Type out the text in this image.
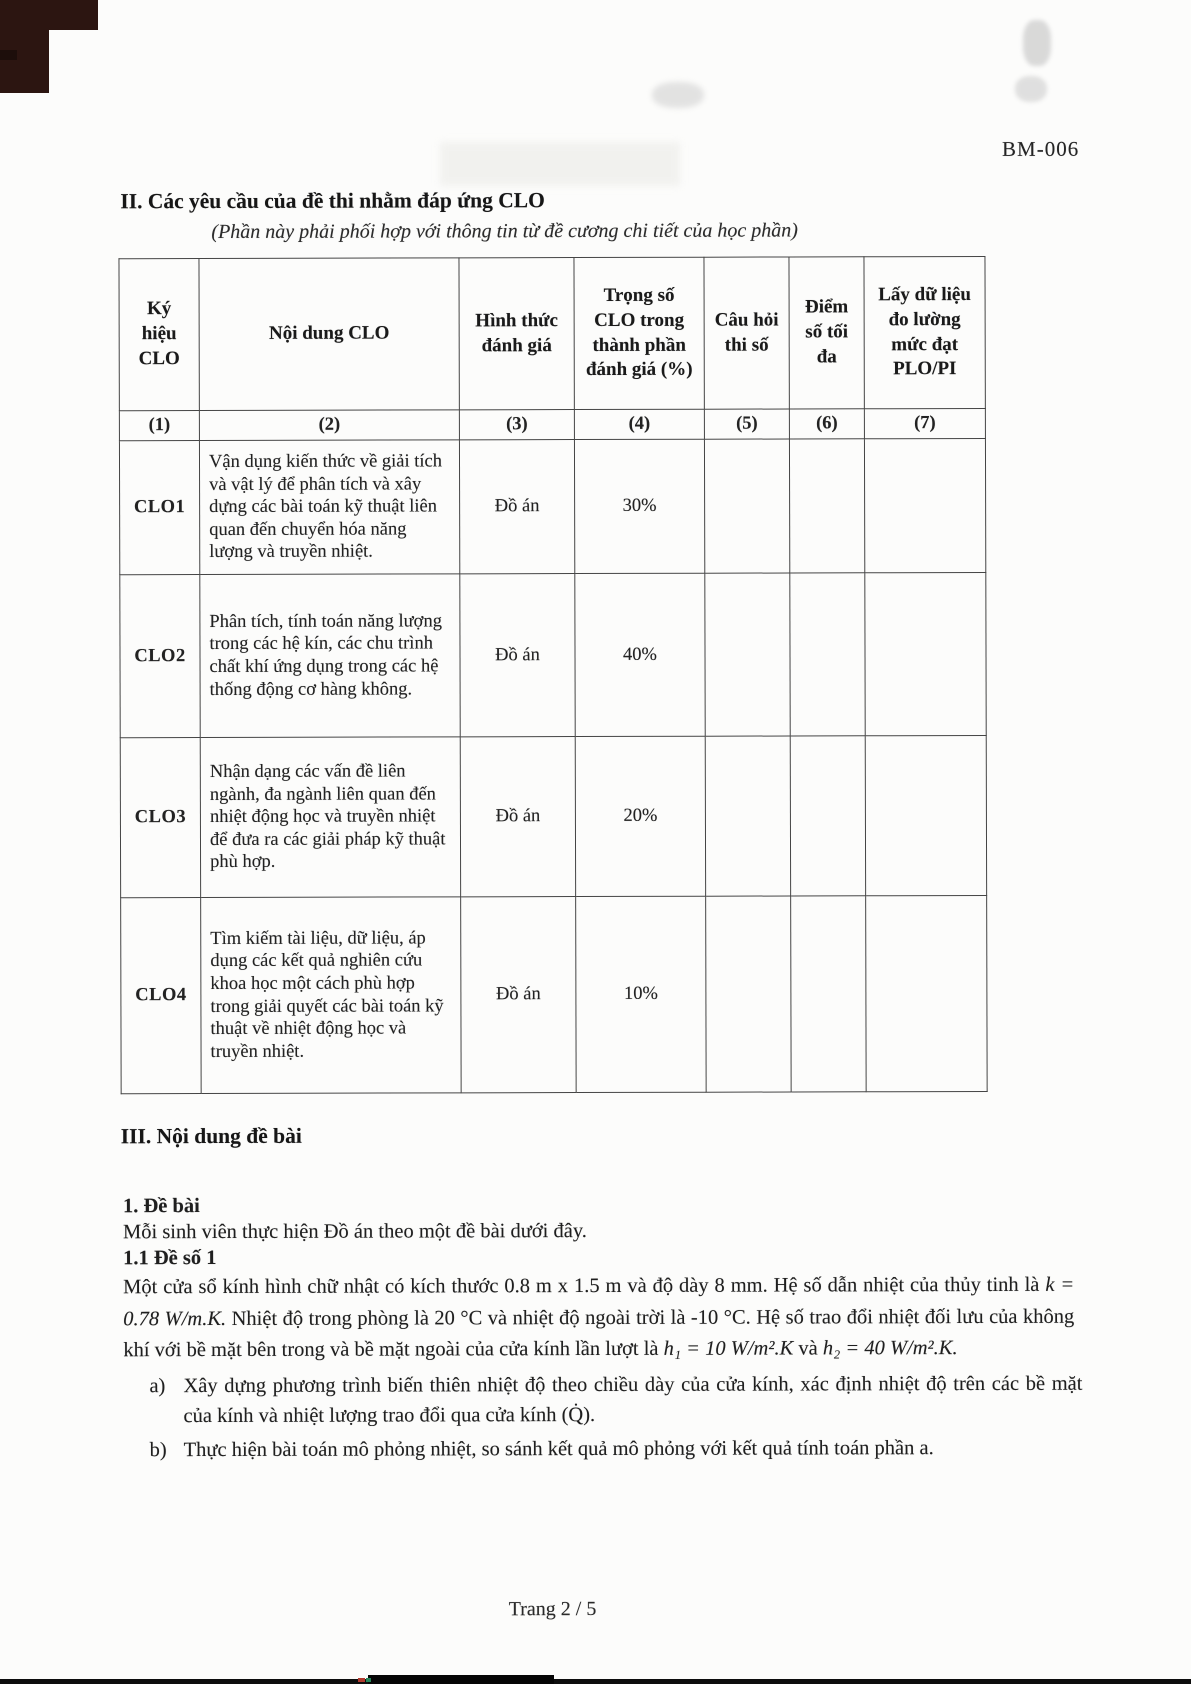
BM-006
II. Các yêu cầu của đề thi nhằm đáp ứng CLO
(Phần này phải phối hợp với thông tin từ đề cương chi tiết của học phần)
Ký hiệu CLO	Nội dung CLO	Hình thức đánh giá	Trọng số CLO trong thành phần đánh giá (%)	Câu hỏi thi số	Điểm số tối đa	Lấy dữ liệu đo lường mức đạt PLO/PI
(1)	(2)	(3)	(4)	(5)	(6)	(7)
CLO1	Vận dụng kiến thức về giải tích và vật lý để phân tích và xây dựng các bài toán kỹ thuật liên quan đến chuyển hóa năng lượng và truyền nhiệt.	Đồ án	30%			
CLO2	Phân tích, tính toán năng lượng trong các hệ kín, các chu trình chất khí ứng dụng trong các hệ thống động cơ hàng không.	Đồ án	40%			
CLO3	Nhận dạng các vấn đề liên ngành, đa ngành liên quan đến nhiệt động học và truyền nhiệt để đưa ra các giải pháp kỹ thuật phù hợp.	Đồ án	20%			
CLO4	Tìm kiếm tài liệu, dữ liệu, áp dụng các kết quả nghiên cứu khoa học một cách phù hợp trong giải quyết các bài toán kỹ thuật về nhiệt động học và truyền nhiệt.	Đồ án	10%			
III. Nội dung đề bài
1. Đề bài
Mỗi sinh viên thực hiện Đồ án theo một đề bài dưới đây.
1.1 Đề số 1
Một cửa sổ kính hình chữ nhật có kích thước 0.8 m x 1.5 m và độ dày 8 mm. Hệ số dẫn nhiệt của thủy tinh là k = 0.78 W/m.K. Nhiệt độ trong phòng là 20 °C và nhiệt độ ngoài trời là -10 °C. Hệ số trao đổi nhiệt đối lưu của không khí với bề mặt bên trong và bề mặt ngoài của cửa kính lần lượt là h₁ = 10 W/m².K và h₂ = 40 W/m².K.
a) Xây dựng phương trình biến thiên nhiệt độ theo chiều dày của cửa kính, xác định nhiệt độ trên các bề mặt của kính và nhiệt lượng trao đổi qua cửa kính (Q̇).
b) Thực hiện bài toán mô phỏng nhiệt, so sánh kết quả mô phỏng với kết quả tính toán phần a.
Trang 2 / 5
